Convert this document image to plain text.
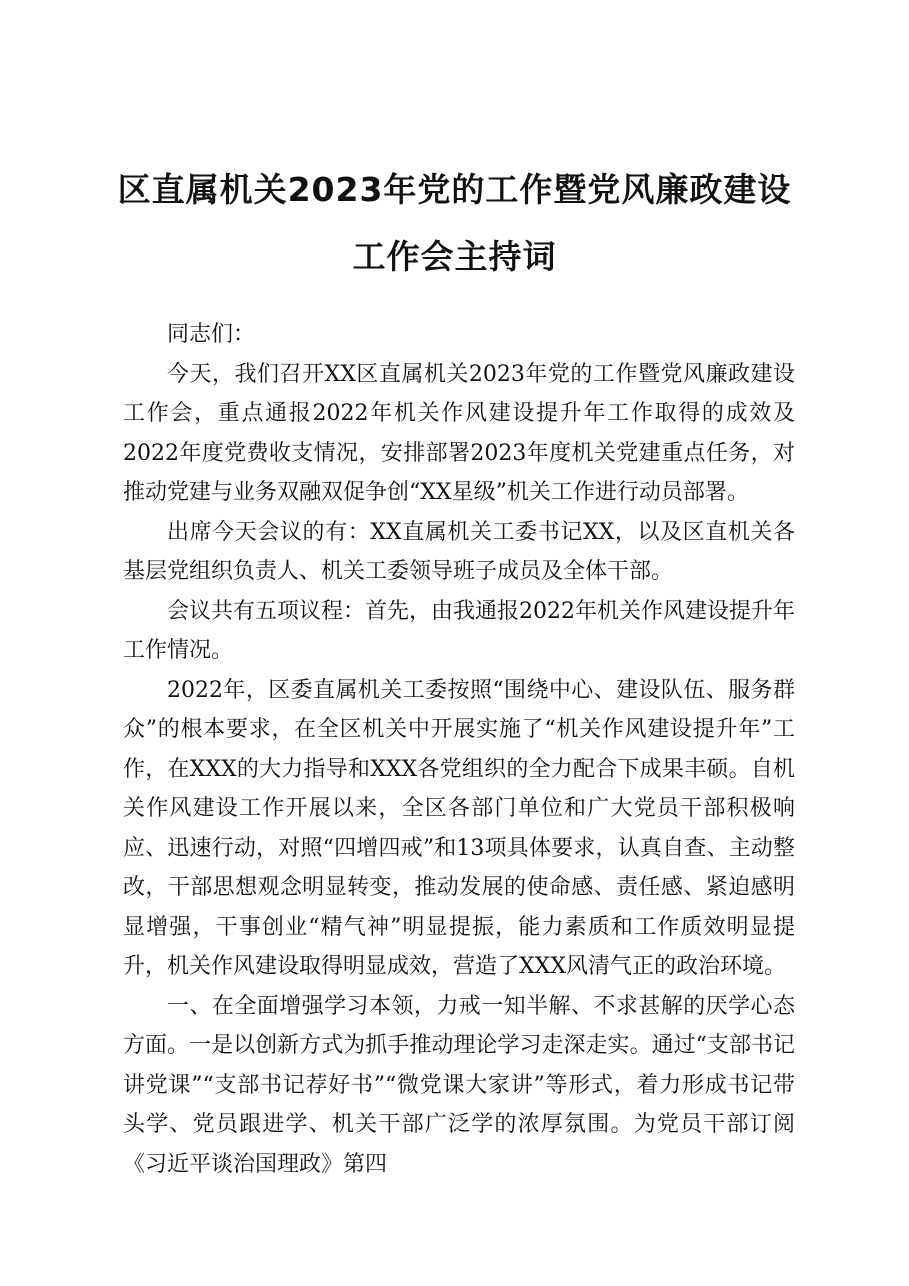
区直属机关2023年党的工作暨党风廉政建设
工作会主持词

同志们：

今天，我们召开XX区直属机关2023年党的工作暨党风廉政建设工作会，重点通报2022年机关作风建设提升年工作取得的成效及2022年度党费收支情况，安排部署2023年度机关党建重点任务，对推动党建与业务双融双促争创“XX星级”机关工作进行动员部署。

出席今天会议的有：XX直属机关工委书记XX，以及区直机关各基层党组织负责人、机关工委领导班子成员及全体干部。

会议共有五项议程：首先，由我通报2022年机关作风建设提升年工作情况。

2022年，区委直属机关工委按照“围绕中心、建设队伍、服务群众”的根本要求，在全区机关中开展实施了“机关作风建设提升年”工作，在XXX的大力指导和XXX各党组织的全力配合下成果丰硕。自机关作风建设工作开展以来，全区各部门单位和广大党员干部积极响应、迅速行动，对照“四增四戒”和13项具体要求，认真自查、主动整改，干部思想观念明显转变，推动发展的使命感、责任感、紧迫感明显增强，干事创业“精气神”明显提振，能力素质和工作质效明显提升，机关作风建设取得明显成效，营造了XXX风清气正的政治环境。

一、在全面增强学习本领，力戒一知半解、不求甚解的厌学心态方面。一是以创新方式为抓手推动理论学习走深走实。通过“支部书记讲党课”“支部书记荐好书”“微党课大家讲”等形式，着力形成书记带头学、党员跟进学、机关干部广泛学的浓厚氛围。为党员干部订阅《习近平谈治国理政》第四
